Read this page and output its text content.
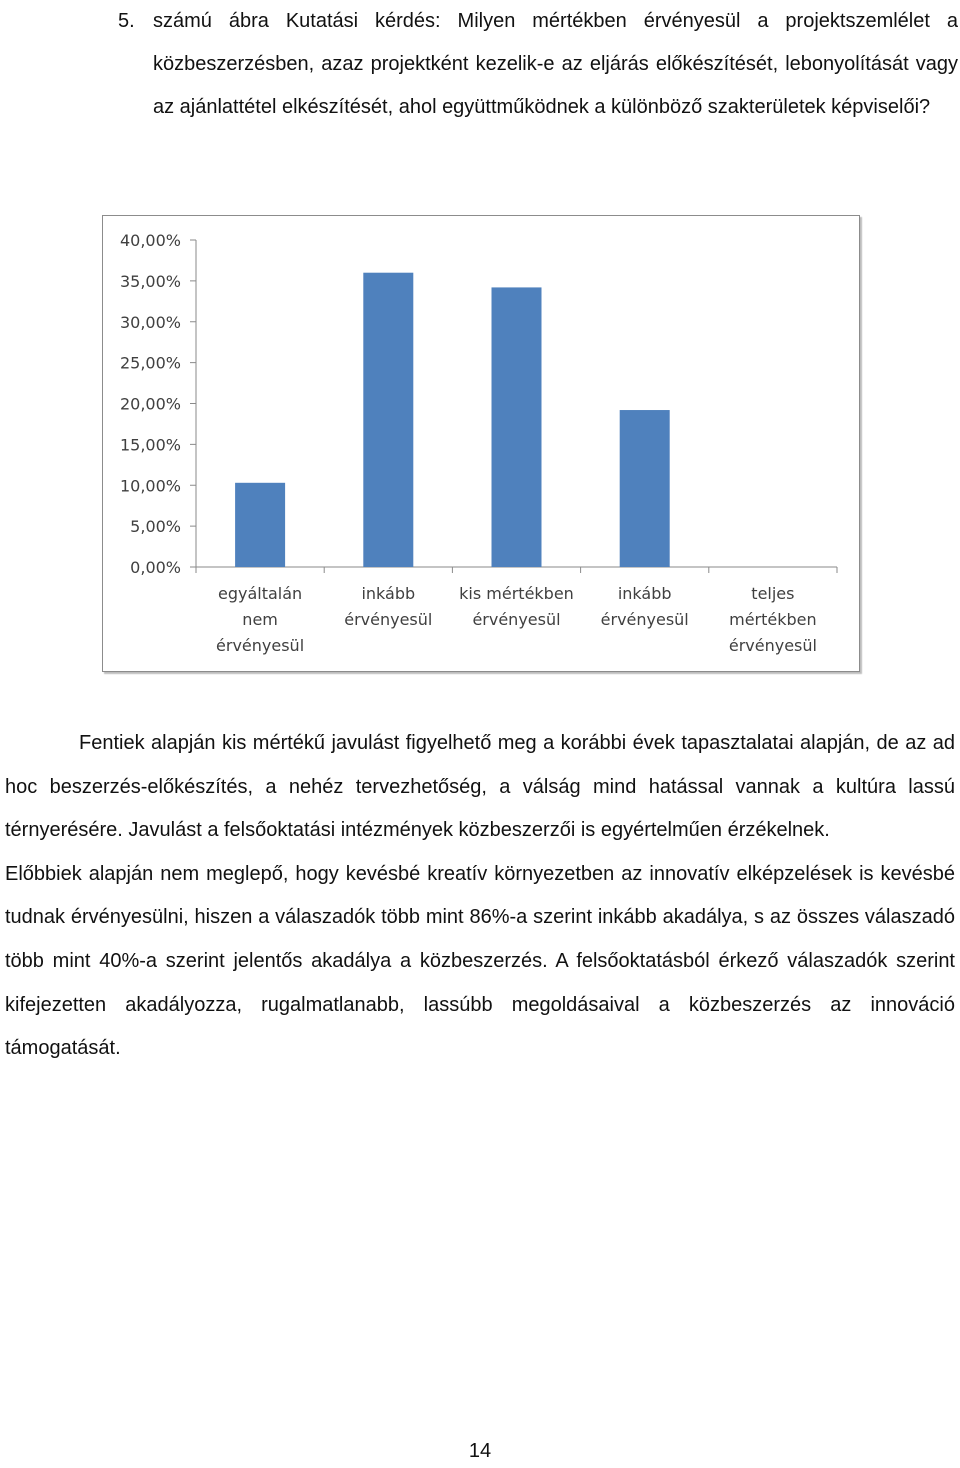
5. számú ábra Kutatási kérdés: Milyen mértékben érvényesül a projektszemlélet a közbeszerzésben, azaz projektként kezelik-e az eljárás előkészítését, lebonyolítását vagy az ajánlattétel elkészítését, ahol együttműködnek a különböző szakterületek képviselői?
0,00%
5,00%
10,00%
15,00%
20,00%
25,00%
30,00%
35,00%
40,00%
egyáltalán
nem
érvényesül
inkább
érvényesül
kis mértékben
érvényesül
inkább
érvényesül
teljes
mértékben
érvényesül

Fentiek alapján kis mértékű javulást figyelhető meg a korábbi évek tapasztalatai alapján, de az ad hoc beszerzés-előkészítés, a nehéz tervezhetőség, a válság mind hatással vannak a kultúra lassú térnyerésére. Javulást a felsőoktatási intézmények közbeszerzői is egyértelműen érzékelnek.

Előbbiek alapján nem meglepő, hogy kevésbé kreatív környezetben az innovatív elképzelések is kevésbé tudnak érvényesülni, hiszen a válaszadók több mint 86%-a szerint inkább akadálya, s az összes válaszadó több mint 40%-a szerint jelentős akadálya a közbeszerzés. A felsőoktatásból érkező válaszadók szerint kifejezetten akadályozza, rugalmatlanabb, lassúbb megoldásaival a közbeszerzés az innováció támogatását.

14
